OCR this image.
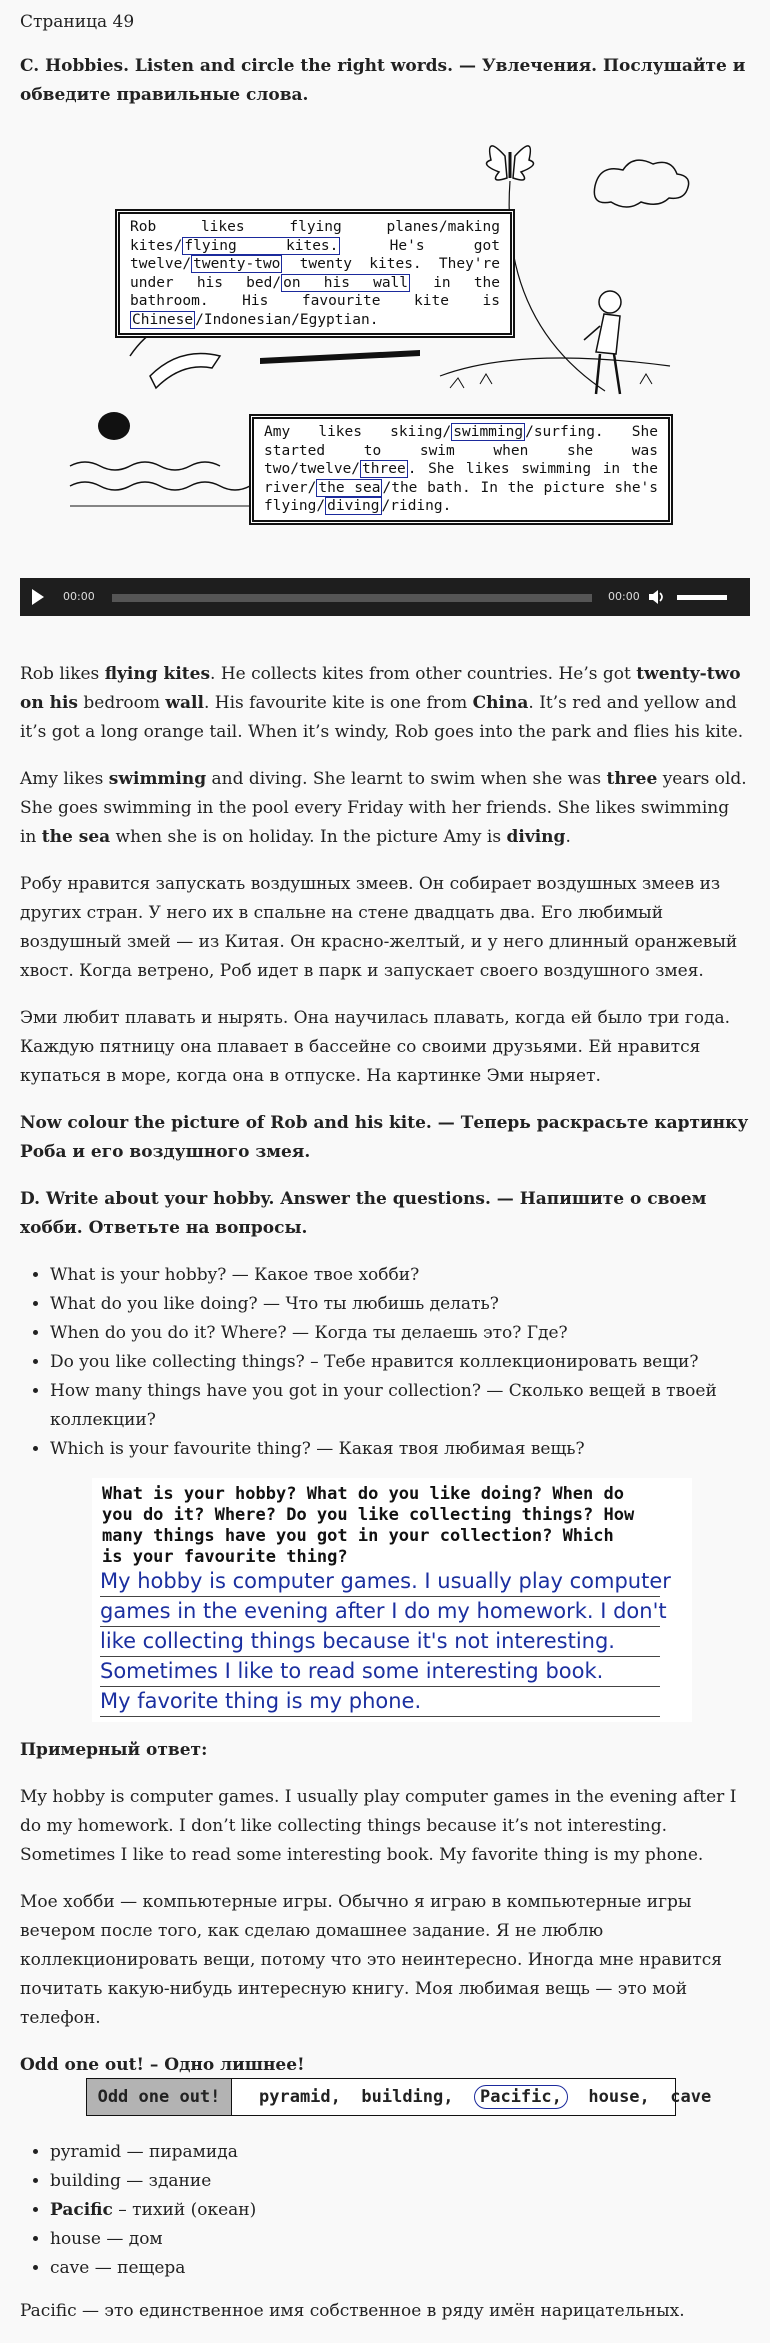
Страница 49

C. Hobbies. Listen and circle the right words. — Увлечения. Послушайте и обведите правильные слова.

Rob likes flying planes/making kites/ flying kites. He's got twelve/ twenty-two twenty kites. They're under his bed/ on his wall in the bathroom. His favourite kite is Chinese /Indonesian/Egyptian.
Amy likes skiing/ swimming /surfing. She started to swim when she was two/twelve/ three . She likes swimming in the river/ the sea /the bath. In the picture she's flying/ diving /riding.
00:00	00:00

Rob likes flying kites. He collects kites from other countries. He’s got twenty-two on his bedroom wall. His favourite kite is one from China. It’s red and yellow and it’s got a long orange tail. When it’s windy, Rob goes into the park and flies his kite.

Amy likes swimming and diving. She learnt to swim when she was three years old. She goes swimming in the pool every Friday with her friends. She likes swimming in the sea when she is on holiday. In the picture Amy is diving.

Робу нравится запускать воздушных змеев. Он собирает воздушных змеев из других стран. У него их в спальне на стене двадцать два. Его любимый воздушный змей — из Китая. Он красно-желтый, и у него длинный оранжевый хвост. Когда ветрено, Роб идет в парк и запускает своего воздушного змея.

Эми любит плавать и нырять. Она научилась плавать, когда ей было три года. Каждую пятницу она плавает в бассейне со своими друзьями. Ей нравится купаться в море, когда она в отпуске. На картинке Эми ныряет.

Now colour the picture of Rob and his kite. — Теперь раскрасьте картинку Роба и его воздушного змея.

D. Write about your hobby. Answer the questions. — Напишите о своем хобби. Ответьте на вопросы.

• What is your hobby? — Какое твое хобби?
• What do you like doing? — Что ты любишь делать?
• When do you do it? Where? — Когда ты делаешь это? Где?
• Do you like collecting things? – Тебе нравится коллекционировать вещи?
• How many things have you got in your collection? — Сколько вещей в твоей коллекции?
• Which is your favourite thing? — Какая твоя любимая вещь?
What is your hobby? What do you like doing? When do you do it? Where? Do you like collecting things? How many things have you got in your collection? Which is your favourite thing?
My hobby is computer games. I usually play computer
games in the evening after I do my homework. I don't
like collecting things because it's not interesting.
Sometimes I like to read some interesting book.
My favorite thing is my phone.

Примерный ответ:

My hobby is computer games. I usually play computer games in the evening after I do my homework. I don’t like collecting things because it’s not interesting. Sometimes I like to read some interesting book. My favorite thing is my phone.

Мое хобби — компьютерные игры. Обычно я играю в компьютерные игры вечером после того, как сделаю домашнее задание. Я не люблю коллекционировать вещи, потому что это неинтересно. Иногда мне нравится почитать какую-нибудь интересную книгу. Моя любимая вещь — это мой телефон.

Odd one out! – Одно лишнее!

Odd one out!	pyramid, building, Pacific, house, cave
• pyramid — пирамида
• building — здание
• Pacific – тихий (океан)
• house — дом
• cave — пещера

Pacific — это единственное имя собственное в ряду имён нарицательных.
